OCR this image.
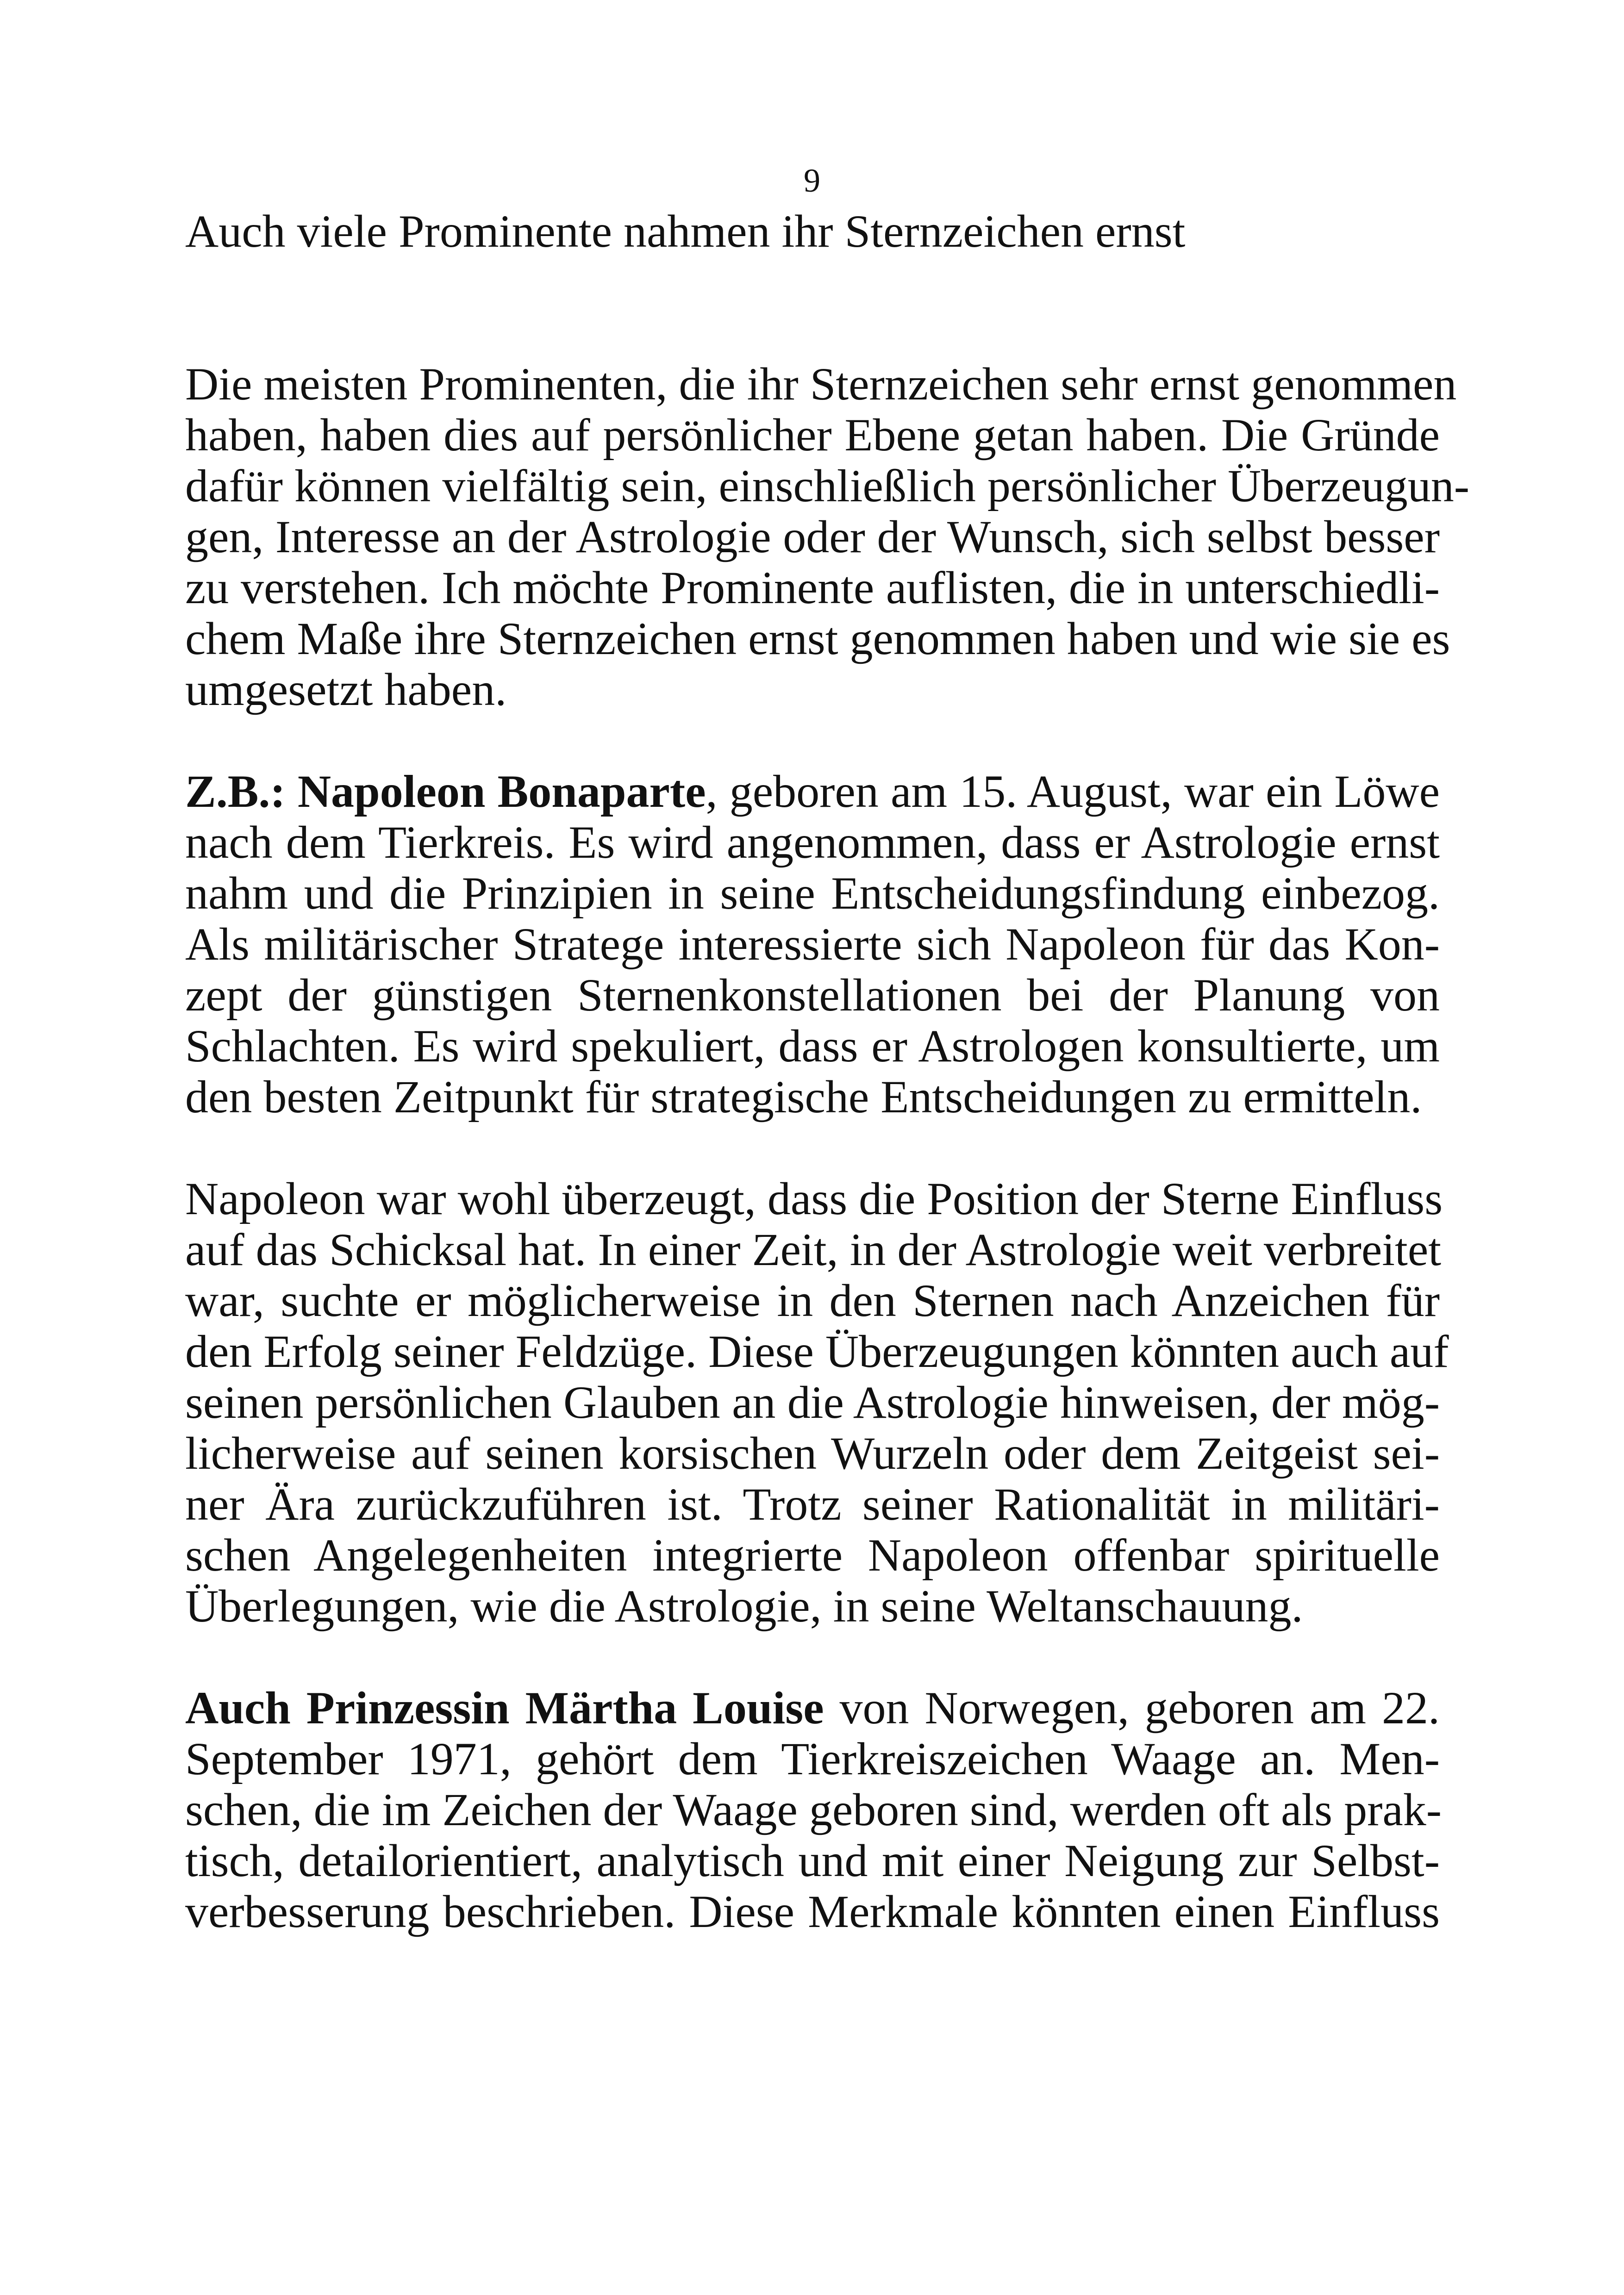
9
Auch viele Prominente nahmen ihr Sternzeichen ernst
Die meisten Prominenten, die ihr Sternzeichen sehr ernst genommen
haben, haben dies auf persönlicher Ebene getan haben. Die Gründe
dafür können vielfältig sein, einschließlich persönlicher Überzeugun-
gen, Interesse an der Astrologie oder der Wunsch, sich selbst besser
zu verstehen. Ich möchte Prominente auflisten, die in unterschiedli-
chem Maße ihre Sternzeichen ernst genommen haben und wie sie es
umgesetzt haben.
Z.B.: Napoleon Bonaparte, geboren am 15. August, war ein Löwe
nach dem Tierkreis. Es wird angenommen, dass er Astrologie ernst
nahm und die Prinzipien in seine Entscheidungsfindung einbezog.
Als militärischer Stratege interessierte sich Napoleon für das Kon-
zept der günstigen Sternenkonstellationen bei der Planung von
Schlachten. Es wird spekuliert, dass er Astrologen konsultierte, um
den besten Zeitpunkt für strategische Entscheidungen zu ermitteln.
Napoleon war wohl überzeugt, dass die Position der Sterne Einfluss
auf das Schicksal hat. In einer Zeit, in der Astrologie weit verbreitet
war, suchte er möglicherweise in den Sternen nach Anzeichen für
den Erfolg seiner Feldzüge. Diese Überzeugungen könnten auch auf
seinen persönlichen Glauben an die Astrologie hinweisen, der mög-
licherweise auf seinen korsischen Wurzeln oder dem Zeitgeist sei-
ner Ära zurückzuführen ist. Trotz seiner Rationalität in militäri-
schen Angelegenheiten integrierte Napoleon offenbar spirituelle
Überlegungen, wie die Astrologie, in seine Weltanschauung.
Auch Prinzessin Märtha Louise von Norwegen, geboren am 22.
September 1971, gehört dem Tierkreiszeichen Waage an. Men-
schen, die im Zeichen der Waage geboren sind, werden oft als prak-
tisch, detailorientiert, analytisch und mit einer Neigung zur Selbst-
verbesserung beschrieben. Diese Merkmale könnten einen Einfluss
